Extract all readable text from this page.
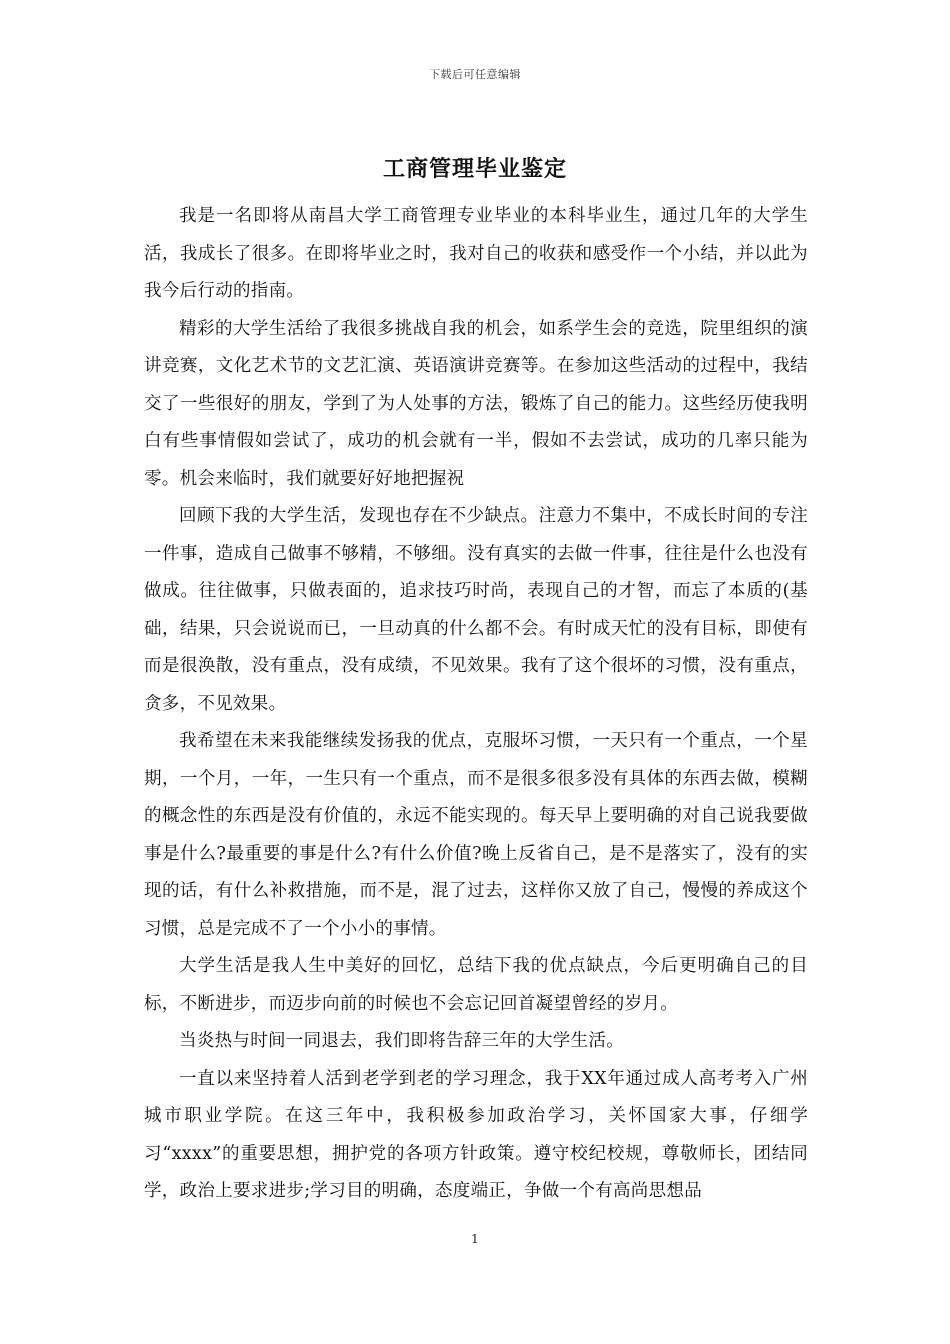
下载后可任意编辑
工商管理毕业鉴定

我是一名即将从南昌大学工商管理专业毕业的本科毕业生，通过几年的大学生活，我成长了很多。在即将毕业之时，我对自己的收获和感受作一个小结，并以此为我今后行动的指南。

精彩的大学生活给了我很多挑战自我的机会，如系学生会的竞选，院里组织的演讲竞赛，文化艺术节的文艺汇演、英语演讲竞赛等。在参加这些活动的过程中，我结交了一些很好的朋友，学到了为人处事的方法，锻炼了自己的能力。这些经历使我明白有些事情假如尝试了，成功的机会就有一半，假如不去尝试，成功的几率只能为零。机会来临时，我们就要好好地把握祝

回顾下我的大学生活，发现也存在不少缺点。注意力不集中，不成长时间的专注一件事，造成自己做事不够精，不够细。没有真实的去做一件事，往往是什么也没有做成。往往做事，只做表面的，追求技巧时尚，表现自己的才智，而忘了本质的(基础，结果，只会说说而已，一旦动真的什么都不会。有时成天忙的没有目标，即使有而是很涣散，没有重点，没有成绩，不见效果。我有了这个很坏的习惯，没有重点，贪多，不见效果。

我希望在未来我能继续发扬我的优点，克服坏习惯，一天只有一个重点，一个星期，一个月，一年，一生只有一个重点，而不是很多很多没有具体的东西去做，模糊的概念性的东西是没有价值的，永远不能实现的。每天早上要明确的对自己说我要做事是什么?最重要的事是什么?有什么价值?晚上反省自己，是不是落实了，没有的实现的话，有什么补救措施，而不是，混了过去，这样你又放了自己，慢慢的养成这个习惯，总是完成不了一个小小的事情。

大学生活是我人生中美好的回忆，总结下我的优点缺点，今后更明确自己的目标，不断进步，而迈步向前的时候也不会忘记回首凝望曾经的岁月。

当炎热与时间一同退去，我们即将告辞三年的大学生活。

一直以来坚持着人活到老学到老的学习理念，我于XX年通过成人高考考入广州城市职业学院。在这三年中，我积极参加政治学习，关怀国家大事，仔细学习“xxxx”的重要思想，拥护党的各项方针政策。遵守校纪校规，尊敬师长，团结同学，政治上要求进步;学习目的明确，态度端正，争做一个有高尚思想品

1
